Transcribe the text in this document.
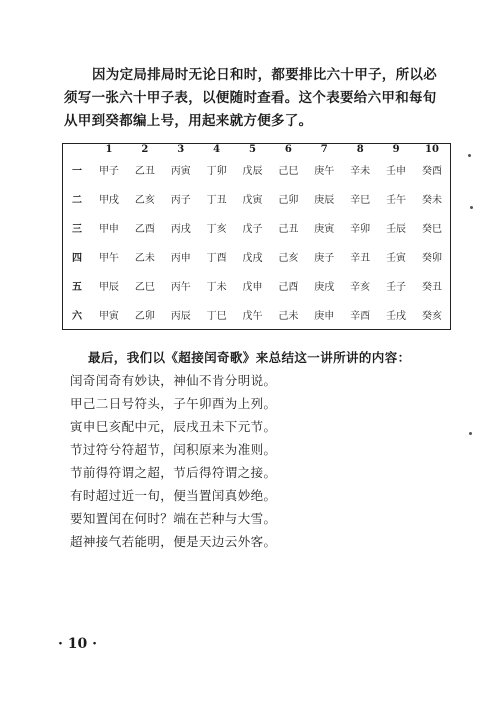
因为定局排局时无论日和时，都要排比六十甲子，所以必

须写一张六十甲子表，以便随时查看。这个表要给六甲和每旬

从甲到癸都编上号，用起来就方便多了。

	1	2	3	4	5	6	7	8	9	10
一	甲子	乙丑	丙寅	丁卯	戊辰	己巳	庚午	辛未	壬申	癸酉
二	甲戌	乙亥	丙子	丁丑	戊寅	己卯	庚辰	辛巳	壬午	癸未
三	甲申	乙酉	丙戌	丁亥	戊子	己丑	庚寅	辛卯	壬辰	癸巳
四	甲午	乙未	丙申	丁酉	戊戌	己亥	庚子	辛丑	壬寅	癸卯
五	甲辰	乙巳	丙午	丁未	戊申	己酉	庚戌	辛亥	壬子	癸丑
六	甲寅	乙卯	丙辰	丁巳	戊午	己未	庚申	辛酉	壬戌	癸亥

最后，我们以《超接闰奇歌》来总结这一讲所讲的内容：

闰奇闰奇有妙诀，神仙不肯分明说。

甲己二日号符头，子午卯酉为上列。

寅申巳亥配中元，辰戌丑未下元节。

节过符兮符超节，闰积原来为准则。

节前得符谓之超，节后得符谓之接。

有时超过近一旬，便当置闰真妙绝。

要知置闰在何时？端在芒种与大雪。

超神接气若能明，便是天边云外客。

· 10 ·
